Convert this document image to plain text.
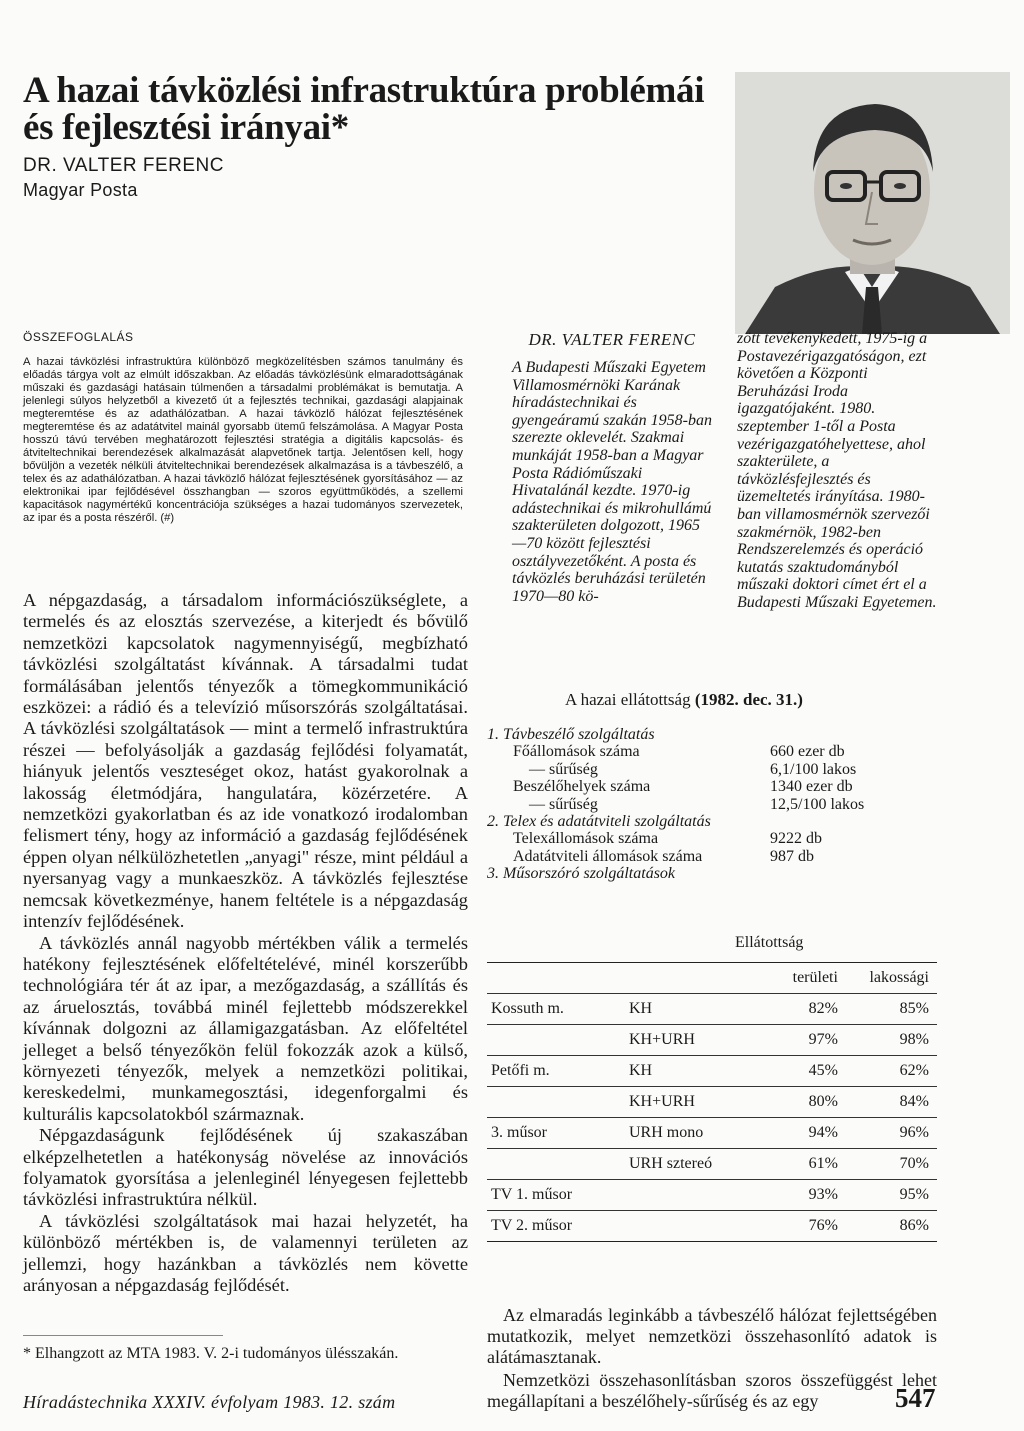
A hazai távközlési infrastruktúra problémái
és fejlesztési irányai*
DR. VALTER FERENC
Magyar Posta
ÖSSZEFOGLALÁS
A hazai távközlési infrastruktúra különböző megközelítésben számos tanulmány és előadás tárgya volt az elmúlt időszakban. Az előadás távközlésünk elmaradottságának műszaki és gazdasági hatásain túlmenően a társadalmi problémákat is bemutatja. A jelenlegi súlyos helyzetből a kivezető út a fejlesztés technikai, gazdasági alapjainak megteremtése és az adathálózatban. A hazai távközlő hálózat fejlesztésének megteremtése és az adatátvitel mainál gyorsabb ütemű felszámolása. A Magyar Posta hosszú távú tervében meghatározott fejlesztési stratégia a digitális kapcsolás- és átviteltechnikai berendezések alkalmazását alapvetőnek tartja. Jelentősen kell, hogy bővüljön a vezeték nélküli átviteltechnikai berendezések alkalmazása is a távbeszélő, a telex és az adathálózatban. A hazai távközlő hálózat fejlesztésének gyorsításához — az elektronikai ipar fejlődésével összhangban — szoros együttműködés, a szellemi kapacitások nagymértékű koncentrációja szükséges a hazai tudományos szervezetek, az ipar és a posta részéről. (#)
DR. VALTER FERENC
A Budapesti Műszaki Egyetem Villamosmérnöki Karának híradástechnikai és gyengeáramú szakán 1958-ban szerezte oklevelét. Szakmai munkáját 1958-ban a Magyar Posta Rádióműszaki Hivatalánál kezdte. 1970-ig adástechnikai és mikrohullámú szakterületen dolgozott, 1965—70 között fejlesztési osztályvezetőként. A posta és távközlés beruházási területén 1970—80 kö-
zött tevékenykedett, 1975-ig a Postavezérigazgatóságon, ezt követően a Központi Beruházási Iroda igazgatójaként. 1980. szeptember 1-től a Posta vezérigazgatóhelyettese, ahol szakterülete, a távközlésfejlesztés és üzemeltetés irányítása. 1980-ban villamosmérnök szervezői szakmérnök, 1982-ben Rendszerelemzés és operáció kutatás szaktudományból műszaki doktori címet ért el a Budapesti Műszaki Egyetemen.

A népgazdaság, a társadalom információszükséglete, a termelés és az elosztás szervezése, a kiterjedt és bővülő nemzetközi kapcsolatok nagymennyiségű, megbízható távközlési szolgáltatást kívánnak. A társadalmi tudat formálásában jelentős tényezők a tömegkommunikáció eszközei: a rádió és a televízió műsorszórás szolgáltatásai. A távközlési szolgáltatások — mint a termelő infrastruktúra részei — befolyásolják a gazdaság fejlődési folyamatát, hiányuk jelentős veszteséget okoz, hatást gyakorolnak a lakosság életmódjára, hangulatára, közérzetére. A nemzetközi gyakorlatban és az ide vonatkozó irodalomban felismert tény, hogy az információ a gazdaság fejlődésének éppen olyan nélkülözhetetlen „anyagi" része, mint például a nyersanyag vagy a munkaeszköz. A távközlés fejlesztése nemcsak következménye, hanem feltétele is a népgazdaság intenzív fejlődésének.

A távközlés annál nagyobb mértékben válik a termelés hatékony fejlesztésének előfeltételévé, minél korszerűbb technológiára tér át az ipar, a mezőgazdaság, a szállítás és az áruelosztás, továbbá minél fejlettebb módszerekkel kívánnak dolgozni az államigazgatásban. Az előfeltétel jelleget a belső tényezőkön felül fokozzák azok a külső, környezeti tényezők, melyek a nemzetközi politikai, kereskedelmi, munkamegosztási, idegenforgalmi és kulturális kapcsolatokból származnak.

Népgazdaságunk fejlődésének új szakaszában elképzelhetetlen a hatékonyság növelése az innovációs folyamatok gyorsítása a jelenleginél lényegesen fejlettebb távközlési infrastruktúra nélkül.

A távközlési szolgáltatások mai hazai helyzetét, ha különböző mértékben is, de valamennyi területen az jellemzi, hogy hazánkban a távközlés nem követte arányosan a népgazdaság fejlődését.

* Elhangzott az MTA 1983. V. 2-i tudományos ülésszakán.
A hazai ellátottság (1982. dec. 31.)
1. Távbeszélő szolgáltatás
Főállomások száma	660 ezer db
— sűrűség	6,1/100 lakos
Beszélőhelyek száma	1340 ezer db
— sűrűség	12,5/100 lakos
2. Telex és adatátviteli szolgáltatás
Telexállomások száma	9222 db
Adatátviteli állomások száma	987 db
3. Műsorszóró szolgáltatások
Ellátottság
		területi	lakossági
Kossuth m.	KH	82%	85%
	KH+URH	97%	98%
Petőfi m.	KH	45%	62%
	KH+URH	80%	84%
3. műsor	URH mono	94%	96%
	URH sztereó	61%	70%
TV 1. műsor		93%	95%
TV 2. műsor		76%	86%

Az elmaradás leginkább a távbeszélő hálózat fejlettségében mutatkozik, melyet nemzetközi összehasonlító adatok is alátámasztanak.

Nemzetközi összehasonlításban szoros összefüggést lehet megállapítani a beszélőhely-sűrűség és az egy

Híradástechnika XXXIV. évfolyam 1983. 12. szám	547
